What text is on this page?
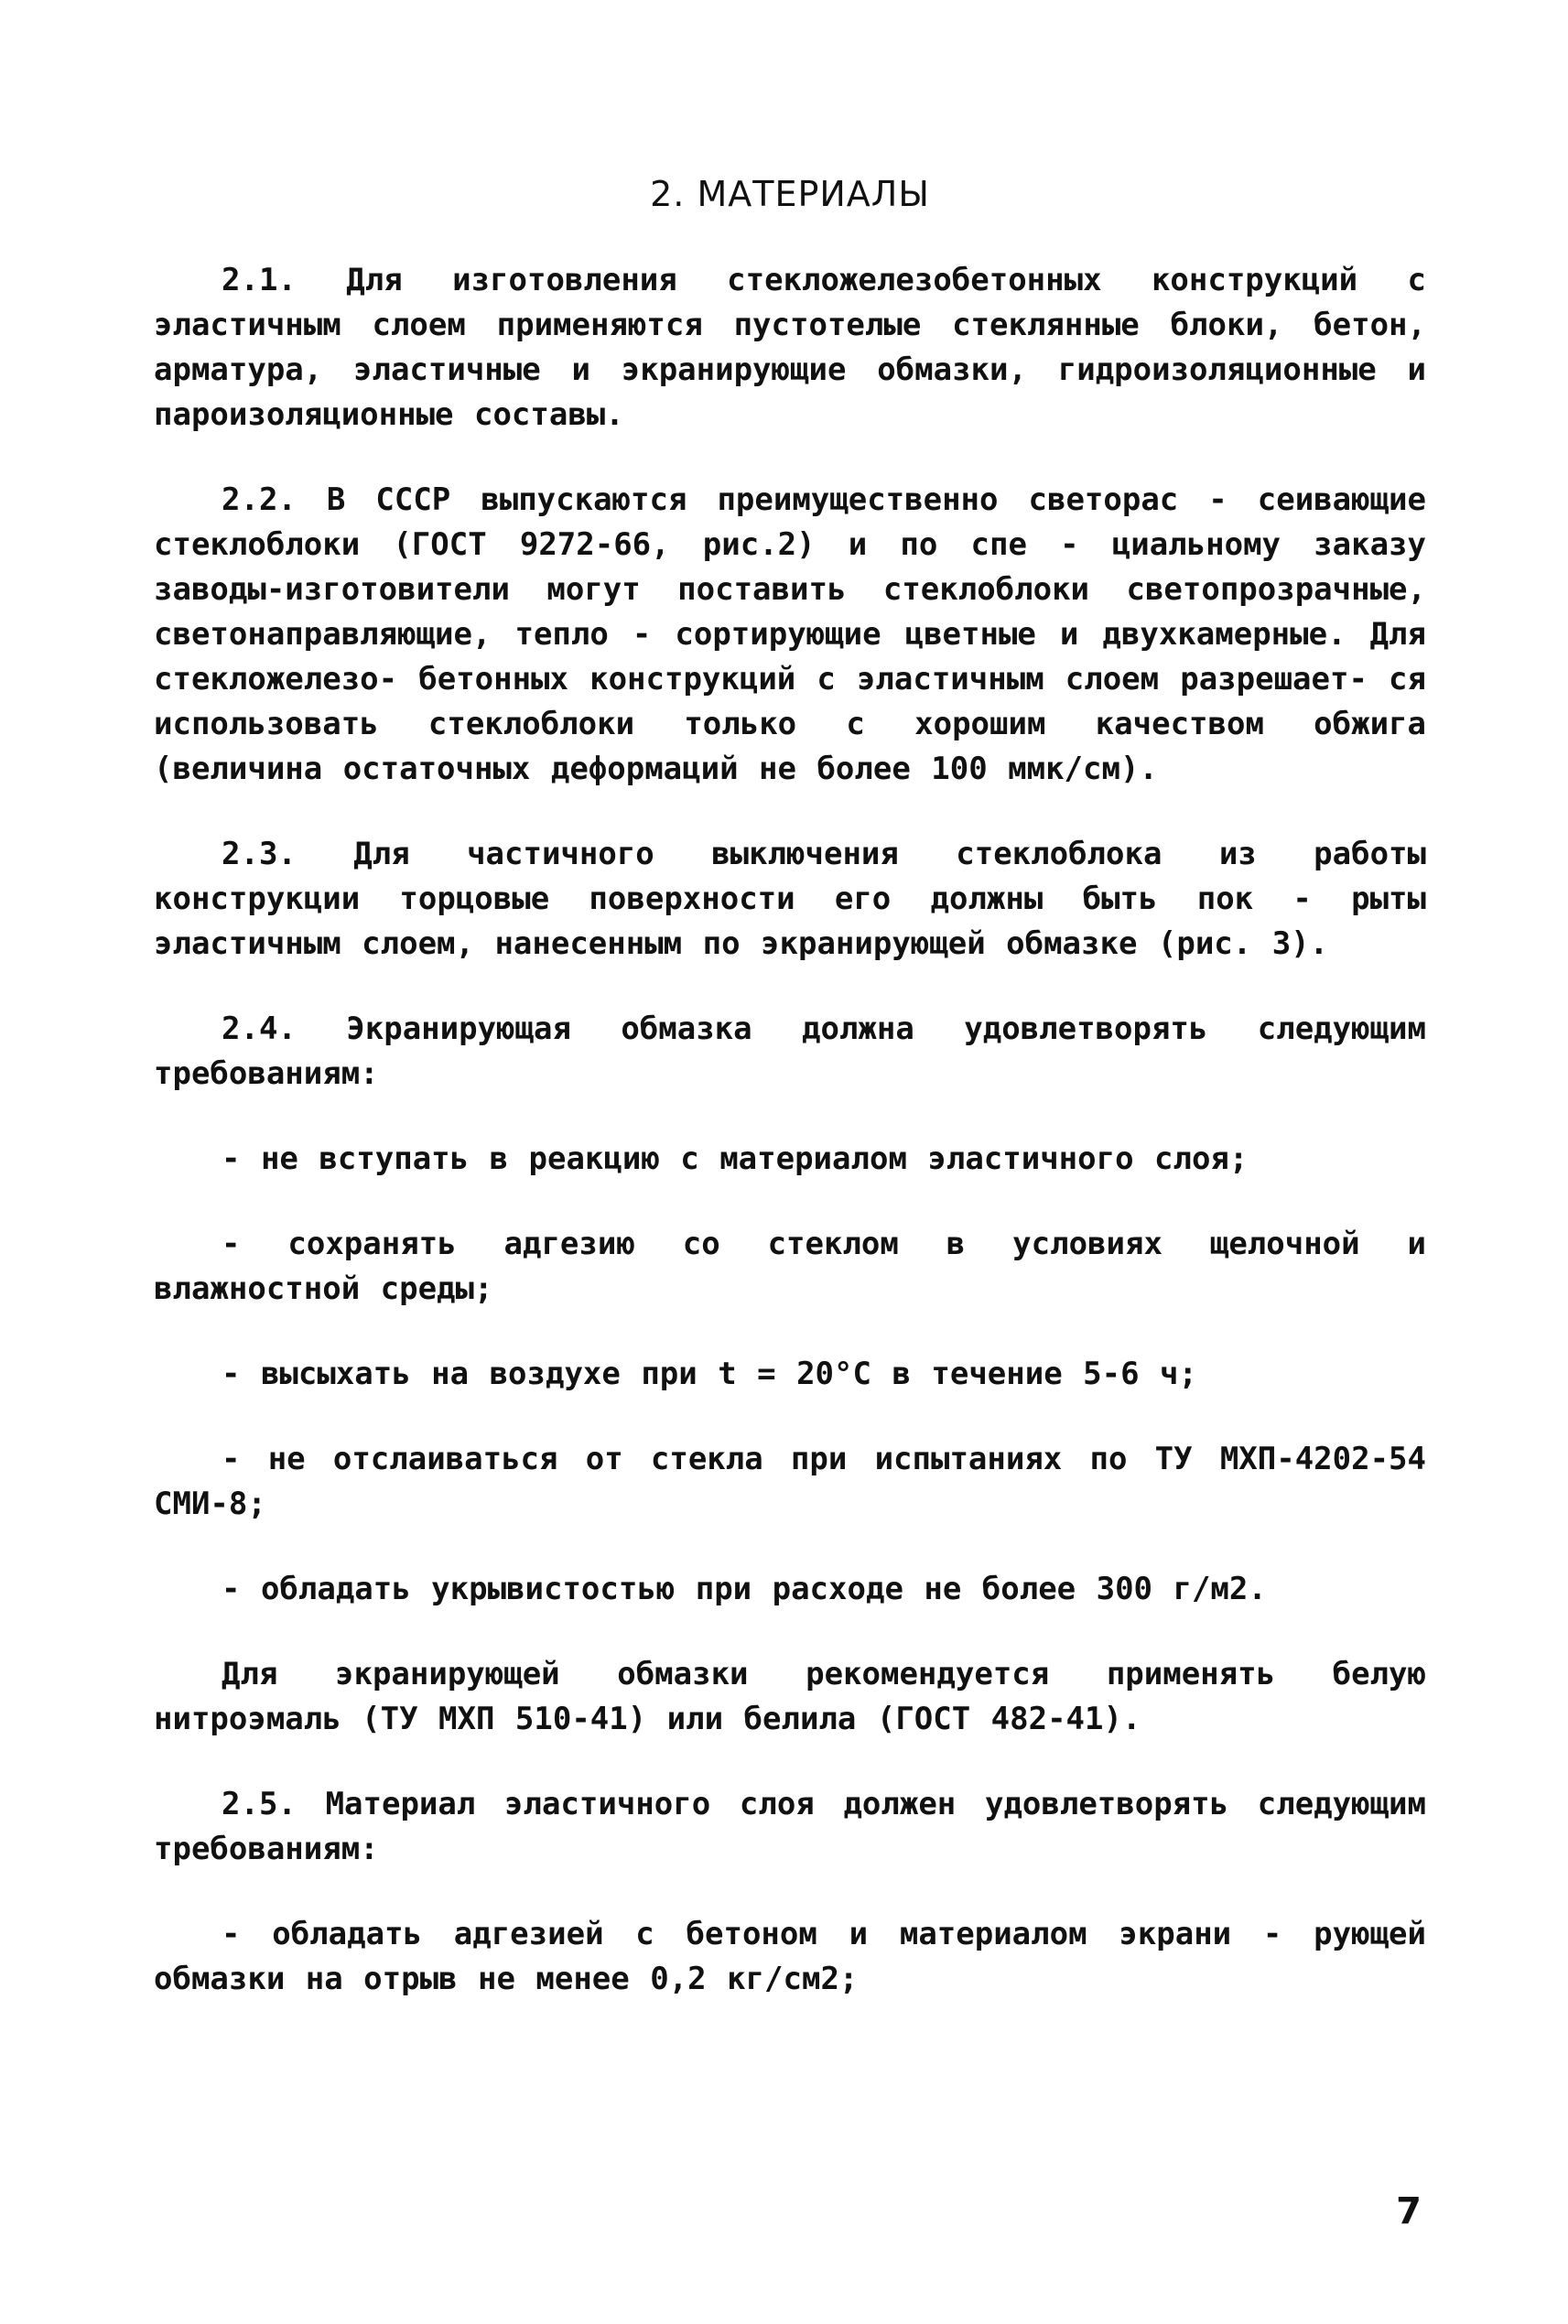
2. МАТЕРИАЛЫ

2.1. Для изготовления стекложелезобетонных конструкций с эластичным слоем применяются пустотелые стеклянные блоки, бетон, арматура, эластичные и экранирующие обмазки, гидроизоляционные и пароизоляционные составы.

2.2. В СССР выпускаются преимущественно светорас - сеивающие стеклоблоки (ГОСТ 9272-66, рис.2) и по спе - циальному заказу заводы-изготовители могут поставить стеклоблоки светопрозрачные, светонаправляющие, тепло - сортирующие цветные и двухкамерные. Для стекложелезо- бетонных конструкций с эластичным слоем разрешает- ся использовать стеклоблоки только с хорошим качеством обжига (величина остаточных деформаций не более 100 ммк/см).

2.3. Для частичного выключения стеклоблока из работы конструкции торцовые поверхности его должны быть пок - рыты эластичным слоем, нанесенным по экранирующей обмазке (рис. 3).

2.4. Экранирующая обмазка должна удовлетворять следующим требованиям:

- не вступать в реакцию с материалом эластичного слоя;

- сохранять адгезию со стеклом в условиях щелочной и влажностной среды;

- высыхать на воздухе при t = 20°С в течение 5-6 ч;

- не отслаиваться от стекла при испытаниях по ТУ МХП-4202-54 СМИ-8;

- обладать укрывистостью при расходе не более 300 г/м2.

Для экранирующей обмазки рекомендуется применять белую нитроэмаль (ТУ МХП 510-41) или белила (ГОСТ 482-41).

2.5. Материал эластичного слоя должен удовлетворять следующим требованиям:

- обладать адгезией с бетоном и материалом экрани - рующей обмазки на отрыв не менее 0,2 кг/см2;

7
